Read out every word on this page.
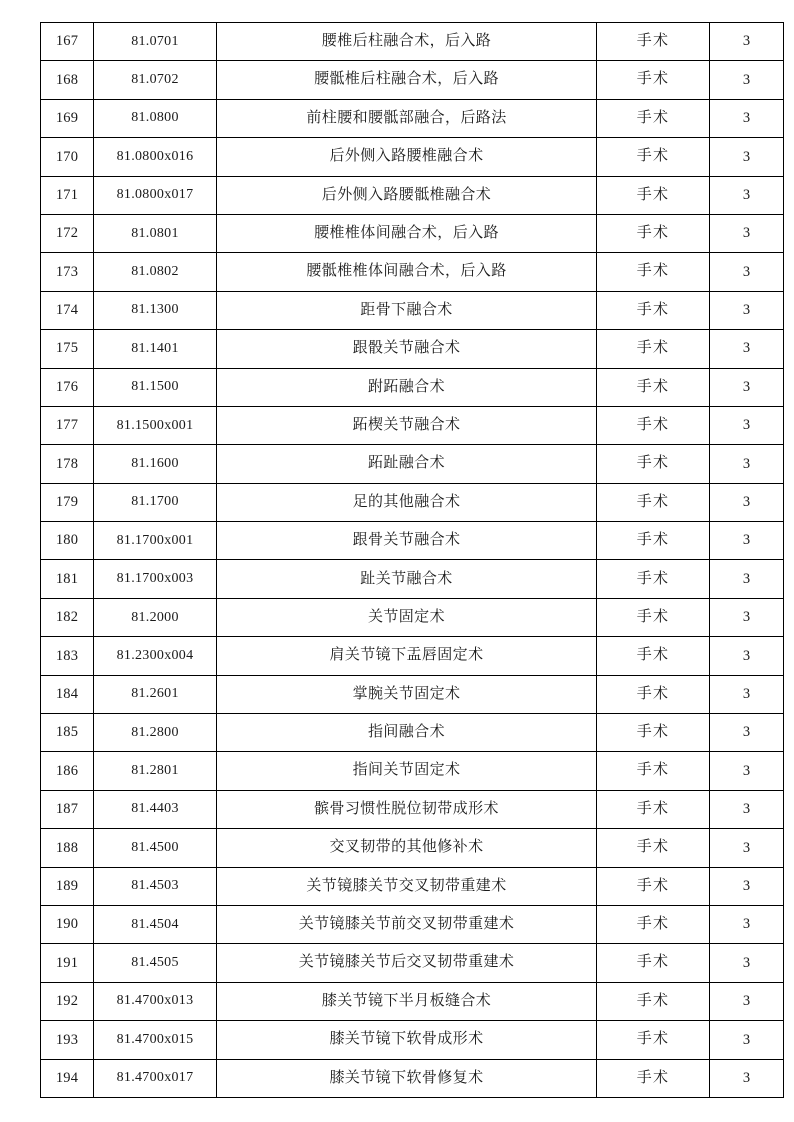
167	81.0701	腰椎后柱融合术，后入路	手术	3
168	81.0702	腰骶椎后柱融合术，后入路	手术	3
169	81.0800	前柱腰和腰骶部融合，后路法	手术	3
170	81.0800x016	后外侧入路腰椎融合术	手术	3
171	81.0800x017	后外侧入路腰骶椎融合术	手术	3
172	81.0801	腰椎椎体间融合术，后入路	手术	3
173	81.0802	腰骶椎椎体间融合术，后入路	手术	3
174	81.1300	距骨下融合术	手术	3
175	81.1401	跟骰关节融合术	手术	3
176	81.1500	跗跖融合术	手术	3
177	81.1500x001	跖楔关节融合术	手术	3
178	81.1600	跖趾融合术	手术	3
179	81.1700	足的其他融合术	手术	3
180	81.1700x001	跟骨关节融合术	手术	3
181	81.1700x003	趾关节融合术	手术	3
182	81.2000	关节固定术	手术	3
183	81.2300x004	肩关节镜下盂唇固定术	手术	3
184	81.2601	掌腕关节固定术	手术	3
185	81.2800	指间融合术	手术	3
186	81.2801	指间关节固定术	手术	3
187	81.4403	髌骨习惯性脱位韧带成形术	手术	3
188	81.4500	交叉韧带的其他修补术	手术	3
189	81.4503	关节镜膝关节交叉韧带重建术	手术	3
190	81.4504	关节镜膝关节前交叉韧带重建术	手术	3
191	81.4505	关节镜膝关节后交叉韧带重建术	手术	3
192	81.4700x013	膝关节镜下半月板缝合术	手术	3
193	81.4700x015	膝关节镜下软骨成形术	手术	3
194	81.4700x017	膝关节镜下软骨修复术	手术	3
